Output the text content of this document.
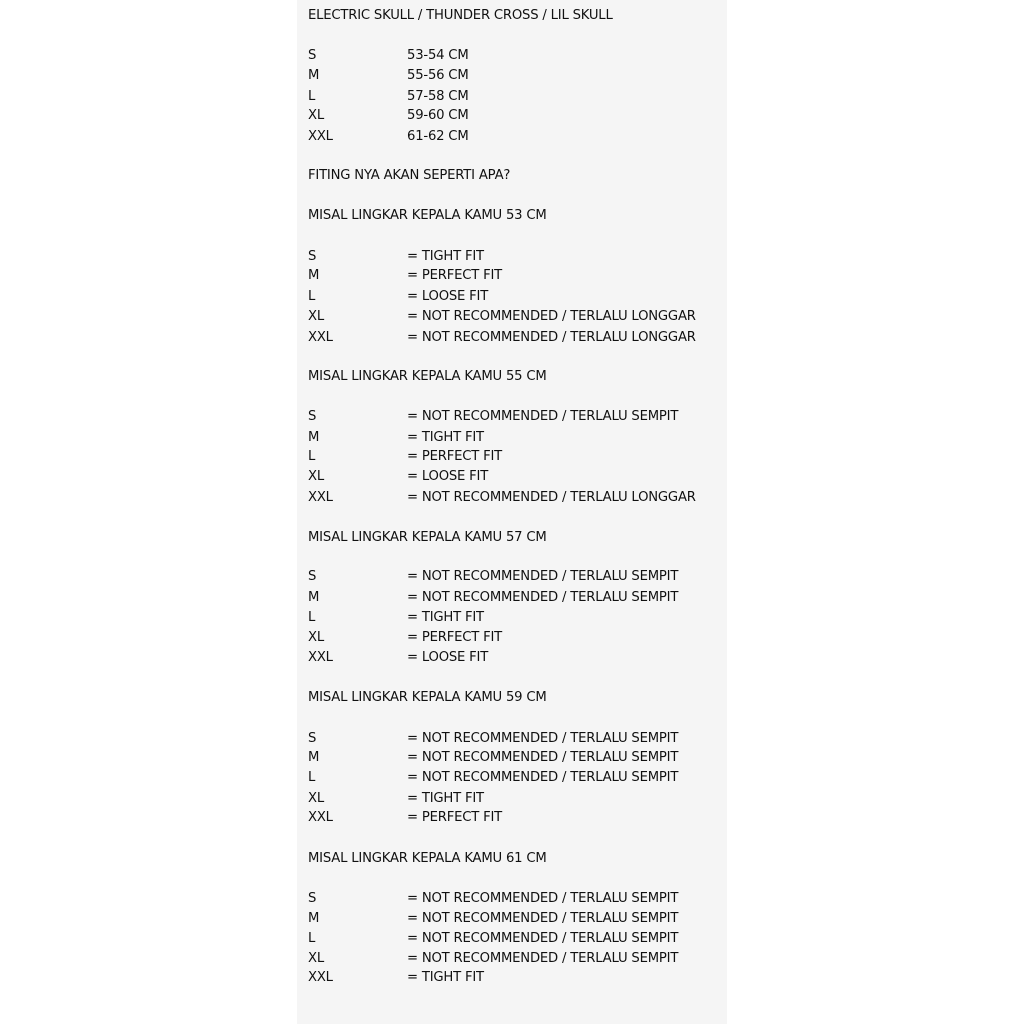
ELECTRIC SKULL / THUNDER CROSS / LIL SKULL
S	53-54 CM
M	55-56 CM
L	57-58 CM
XL	59-60 CM
XXL	61-62 CM
FITING NYA AKAN SEPERTI APA?
MISAL LINGKAR KEPALA KAMU 53 CM
S	= TIGHT FIT
M	= PERFECT FIT
L	= LOOSE FIT
XL	= NOT RECOMMENDED / TERLALU LONGGAR
XXL	= NOT RECOMMENDED / TERLALU LONGGAR
MISAL LINGKAR KEPALA KAMU 55 CM
S	= NOT RECOMMENDED / TERLALU SEMPIT
M	= TIGHT FIT
L	= PERFECT FIT
XL	= LOOSE FIT
XXL	= NOT RECOMMENDED / TERLALU LONGGAR
MISAL LINGKAR KEPALA KAMU 57 CM
S	= NOT RECOMMENDED / TERLALU SEMPIT
M	= NOT RECOMMENDED / TERLALU SEMPIT
L	= TIGHT FIT
XL	= PERFECT FIT
XXL	= LOOSE FIT
MISAL LINGKAR KEPALA KAMU 59 CM
S	= NOT RECOMMENDED / TERLALU SEMPIT
M	= NOT RECOMMENDED / TERLALU SEMPIT
L	= NOT RECOMMENDED / TERLALU SEMPIT
XL	= TIGHT FIT
XXL	= PERFECT FIT
MISAL LINGKAR KEPALA KAMU 61 CM
S	= NOT RECOMMENDED / TERLALU SEMPIT
M	= NOT RECOMMENDED / TERLALU SEMPIT
L	= NOT RECOMMENDED / TERLALU SEMPIT
XL	= NOT RECOMMENDED / TERLALU SEMPIT
XXL	= TIGHT FIT
